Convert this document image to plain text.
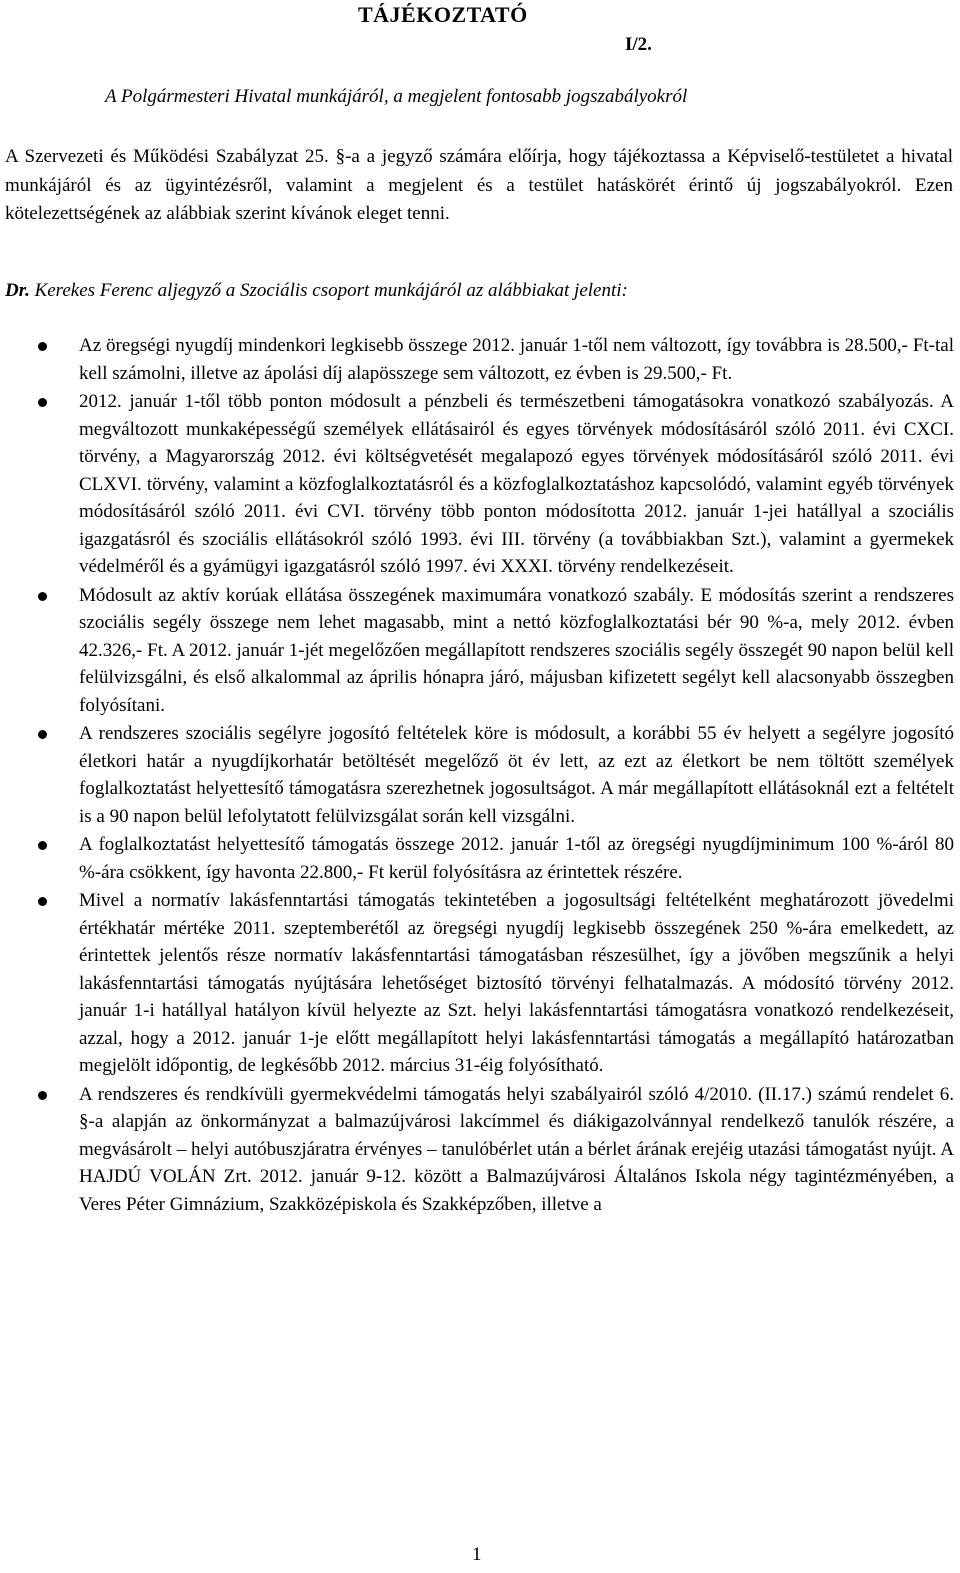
TÁJÉKOZTATÓ
I/2.
A Polgármesteri Hivatal munkájáról, a megjelent fontosabb jogszabályokról

A Szervezeti és Működési Szabályzat 25. §-a a jegyző számára előírja, hogy tájékoztassa a Képviselő-testületet a hivatal munkájáról és az ügyintézésről, valamint a megjelent és a testület hatáskörét érintő új jogszabályokról. Ezen kötelezettségének az alábbiak szerint kívánok eleget tenni.

Dr. Kerekes Ferenc aljegyző a Szociális csoport munkájáról az alábbiakat jelenti:

Az öregségi nyugdíj mindenkori legkisebb összege 2012. január 1-től nem változott, így továbbra is 28.500,- Ft-tal kell számolni, illetve az ápolási díj alapösszege sem változott, ez évben is 29.500,- Ft.
2012. január 1-től több ponton módosult a pénzbeli és természetbeni támogatásokra vonatkozó szabályozás. A megváltozott munkaképességű személyek ellátásairól és egyes törvények módosításáról szóló 2011. évi CXCI. törvény, a Magyarország 2012. évi költségvetését megalapozó egyes törvények módosításáról szóló 2011. évi CLXVI. törvény, valamint a közfoglalkoztatásról és a közfoglalkoztatáshoz kapcsolódó, valamint egyéb törvények módosításáról szóló 2011. évi CVI. törvény több ponton módosította 2012. január 1-jei hatállyal a szociális igazgatásról és szociális ellátásokról szóló 1993. évi III. törvény (a továbbiakban Szt.), valamint a gyermekek védelméről és a gyámügyi igazgatásról szóló 1997. évi XXXI. törvény rendelkezéseit.
Módosult az aktív korúak ellátása összegének maximumára vonatkozó szabály. E módosítás szerint a rendszeres szociális segély összege nem lehet magasabb, mint a nettó közfoglalkoztatási bér 90 %-a, mely 2012. évben 42.326,- Ft. A 2012. január 1-jét megelőzően megállapított rendszeres szociális segély összegét 90 napon belül kell felülvizsgálni, és első alkalommal az április hónapra járó, májusban kifizetett segélyt kell alacsonyabb összegben folyósítani.
A rendszeres szociális segélyre jogosító feltételek köre is módosult, a korábbi 55 év helyett a segélyre jogosító életkori határ a nyugdíjkorhatár betöltését megelőző öt év lett, az ezt az életkort be nem töltött személyek foglalkoztatást helyettesítő támogatásra szerezhetnek jogosultságot. A már megállapított ellátásoknál ezt a feltételt is a 90 napon belül lefolytatott felülvizsgálat során kell vizsgálni.
A foglalkoztatást helyettesítő támogatás összege 2012. január 1-től az öregségi nyugdíjminimum 100 %-áról 80 %-ára csökkent, így havonta 22.800,- Ft kerül folyósításra az érintettek részére.
Mivel a normatív lakásfenntartási támogatás tekintetében a jogosultsági feltételként meghatározott jövedelmi értékhatár mértéke 2011. szeptemberétől az öregségi nyugdíj legkisebb összegének 250 %-ára emelkedett, az érintettek jelentős része normatív lakásfenntartási támogatásban részesülhet, így a jövőben megszűnik a helyi lakásfenntartási támogatás nyújtására lehetőséget biztosító törvényi felhatalmazás. A módosító törvény 2012. január 1-i hatállyal hatályon kívül helyezte az Szt. helyi lakásfenntartási támogatásra vonatkozó rendelkezéseit, azzal, hogy a 2012. január 1-je előtt megállapított helyi lakásfenntartási támogatás a megállapító határozatban megjelölt időpontig, de legkésőbb 2012. március 31-éig folyósítható.
A rendszeres és rendkívüli gyermekvédelmi támogatás helyi szabályairól szóló 4/2010. (II.17.) számú rendelet 6. §-a alapján az önkormányzat a balmazújvárosi lakcímmel és diákigazolvánnyal rendelkező tanulók részére, a megvásárolt – helyi autóbuszjáratra érvényes – tanulóbérlet után a bérlet árának erejéig utazási támogatást nyújt. A HAJDÚ VOLÁN Zrt. 2012. január 9-12. között a Balmazújvárosi Általános Iskola négy tagintézményében, a Veres Péter Gimnázium, Szakközépiskola és Szakképzőben, illetve a
1
